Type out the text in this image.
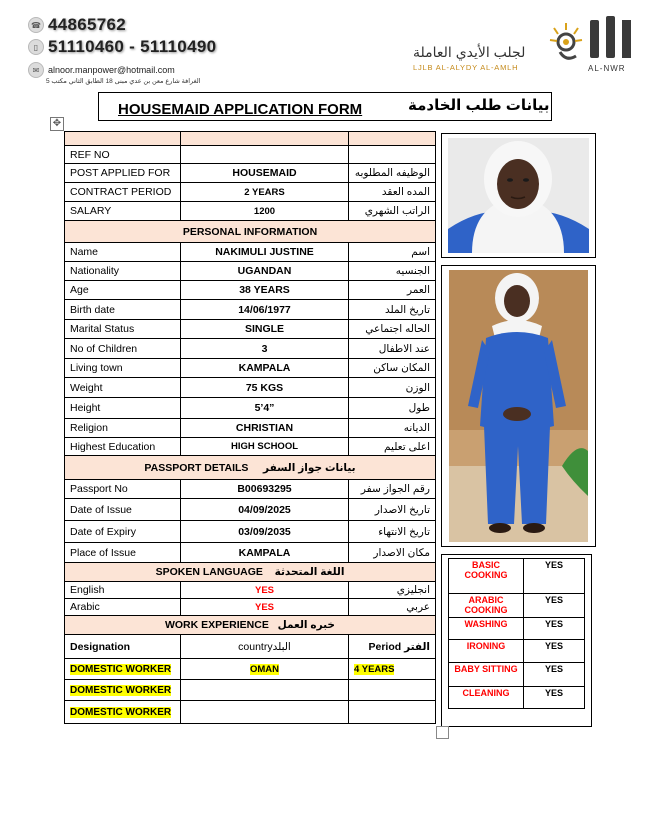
☎ 44865762
▯ 51110460 - 51110490
✉ alnoor.manpower@hotmail.com
الغرافة شارع معن بن عدي مبنى 18 الطابق الثاني مكتب 5
لجلب الأيدي العاملة
LJLB AL-ALYDY AL-AMLH	AL-NWR
HOUSEMAID APPLICATION FORM	بيانات طلب الخادمة
✥

REF NO		
POST APPLIED FOR	HOUSEMAID	الوظيفه المطلوبه
CONTRACT PERIOD	2 YEARS	المده العقد
SALARY	1200	الراتب الشهري
PERSONAL INFORMATION		
Name	NAKIMULI JUSTINE	اسم
Nationality	UGANDAN	الجنسيه
Age	38 YEARS	العمر
Birth date	14/06/1977	تاريخ الملد
Marital Status	SINGLE	الحاله اجتماعي
No of Children	3	عند الاطفال
Living town	KAMPALA	المكان ساكن
Weight	75 KGS	الوزن
Height	5’4”	طول
Religion	CHRISTIAN	الديانه
Highest Education	HIGH SCHOOL	اعلى تعليم
PASSPORT DETAILS بيانات جواز السفر		
Passport No	B00693295	رقم الجواز سفر
Date of Issue	04/09/2025	تاريخ الاصدار
Date of Expiry	03/09/2035	تاريخ الانتهاء
Place of Issue	KAMPALA	مكان الاصدار
SPOKEN LANGUAGE اللغة المتحدثة		
English	YES	انجليزي
Arabic	YES	عربي
WORK EXPERIENCE خبره العمل		
Designation	countryالبلد	Period الفتر
DOMESTIC WORKER	OMAN	4 YEARS
DOMESTIC WORKER		
DOMESTIC WORKER		
BASIC COOKING	YES
ARABIC COOKING	YES
WASHING	YES
IRONING	YES
BABY SITTING	YES
CLEANING	YES
